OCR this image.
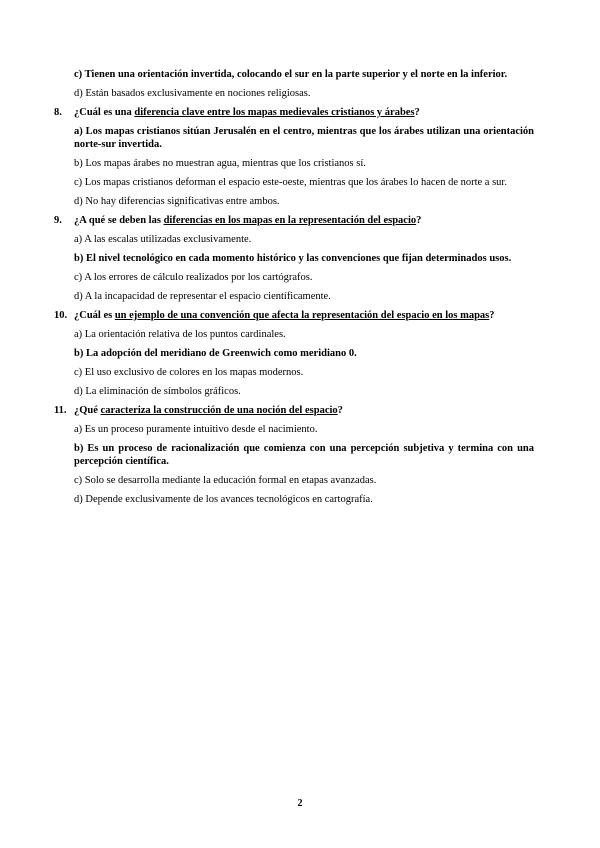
c) Tienen una orientación invertida, colocando el sur en la parte superior y el norte en la inferior.

d) Están basados exclusivamente en nociones religiosas.

8. ¿Cuál es una diferencia clave entre los mapas medievales cristianos y árabes?

a) Los mapas cristianos sitúan Jerusalén en el centro, mientras que los árabes utilizan una orientación norte-sur invertida.

b) Los mapas árabes no muestran agua, mientras que los cristianos sí.

c) Los mapas cristianos deforman el espacio este-oeste, mientras que los árabes lo hacen de norte a sur.

d) No hay diferencias significativas entre ambos.

9. ¿A qué se deben las diferencias en los mapas en la representación del espacio?

a) A las escalas utilizadas exclusivamente.

b) El nivel tecnológico en cada momento histórico y las convenciones que fijan determinados usos.

c) A los errores de cálculo realizados por los cartógrafos.

d) A la incapacidad de representar el espacio científicamente.

10. ¿Cuál es un ejemplo de una convención que afecta la representación del espacio en los mapas?

a) La orientación relativa de los puntos cardinales.

b) La adopción del meridiano de Greenwich como meridiano 0.

c) El uso exclusivo de colores en los mapas modernos.

d) La eliminación de símbolos gráficos.

11. ¿Qué caracteriza la construcción de una noción del espacio?

a) Es un proceso puramente intuitivo desde el nacimiento.

b) Es un proceso de racionalización que comienza con una percepción subjetiva y termina con una percepción científica.

c) Solo se desarrolla mediante la educación formal en etapas avanzadas.

d) Depende exclusivamente de los avances tecnológicos en cartografía.

2
